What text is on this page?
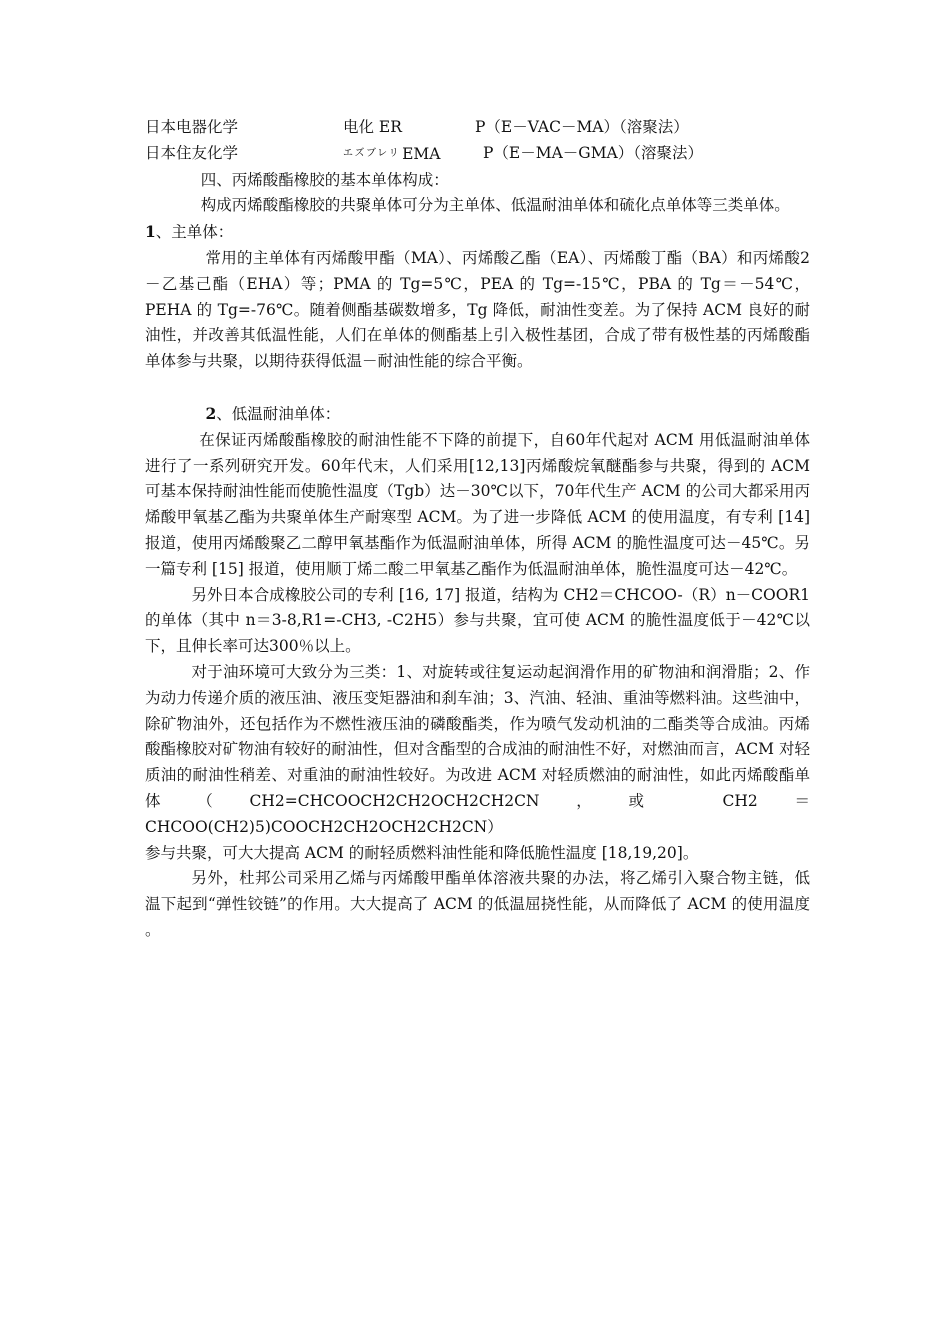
日本电器化学	电化 ER	P（E－VAC－MA）（溶聚法）
日本住友化学	エズブレリ EMA	P（E－MA－GMA）（溶聚法）

四、丙烯酸酯橡胶的基本单体构成：

构成丙烯酸酯橡胶的共聚单体可分为主单体、低温耐油单体和硫化点单体等三类单体。

1、主单体：

常用的主单体有丙烯酸甲酯（MA）、丙烯酸乙酯（EA）、丙烯酸丁酯（BA）和丙烯酸2－乙基己酯（EHA）等；PMA 的 Tg=5℃，PEA 的 Tg=-15℃，PBA 的 Tg＝－54℃，PEHA 的 Tg=-76℃。随着侧酯基碳数增多，Tg 降低，耐油性变差。为了保持 ACM 良好的耐油性，并改善其低温性能，人们在单体的侧酯基上引入极性基团，合成了带有极性基的丙烯酸酯单体参与共聚，以期待获得低温－耐油性能的综合平衡。

2、低温耐油单体：

在保证丙烯酸酯橡胶的耐油性能不下降的前提下，自60年代起对 ACM 用低温耐油单体进行了一系列研究开发。60年代末，人们采用[12,13]丙烯酸烷氧醚酯参与共聚，得到的 ACM 可基本保持耐油性能而使脆性温度（Tgb）达－30℃以下，70年代生产 ACM 的公司大都采用丙烯酸甲氧基乙酯为共聚单体生产耐寒型 ACM。为了进一步降低 ACM 的使用温度，有专利 [14] 报道，使用丙烯酸聚乙二醇甲氧基酯作为低温耐油单体，所得 ACM 的脆性温度可达－45℃。另一篇专利 [15] 报道，使用顺丁烯二酸二甲氧基乙酯作为低温耐油单体，脆性温度可达－42℃。

另外日本合成橡胶公司的专利 [16, 17] 报道，结构为 CH2＝CHCOO-（R）n－COOR1 的单体（其中 n＝3-8,R1=-CH3, -C2H5）参与共聚，宜可使 ACM 的脆性温度低于－42℃以下，且伸长率可达300％以上。

对于油环境可大致分为三类：1、对旋转或往复运动起润滑作用的矿物油和润滑脂；2、作为动力传递介质的液压油、液压变矩器油和刹车油；3、汽油、轻油、重油等燃料油。这些油中，除矿物油外，还包括作为不燃性液压油的磷酸酯类，作为喷气发动机油的二酯类等合成油。丙烯酸酯橡胶对矿物油有较好的耐油性，但对含酯型的合成油的耐油性不好，对燃油而言，ACM 对轻质油的耐油性稍差、对重油的耐油性较好。为改进 ACM 对轻质燃油的耐油性，如此丙烯酸酯单体（CH2=CHCOOCH2CH2OCH2CH2CN，或 CH2＝CHCOO(CH2)5)COOCH2CH2OCH2CH2CN）

参与共聚，可大大提高 ACM 的耐轻质燃料油性能和降低脆性温度 [18,19,20]。

另外，杜邦公司采用乙烯与丙烯酸甲酯单体溶液共聚的办法，将乙烯引入聚合物主链，低温下起到“弹性铰链”的作用。大大提高了 ACM 的低温屈挠性能，从而降低了 ACM 的使用温度 。
